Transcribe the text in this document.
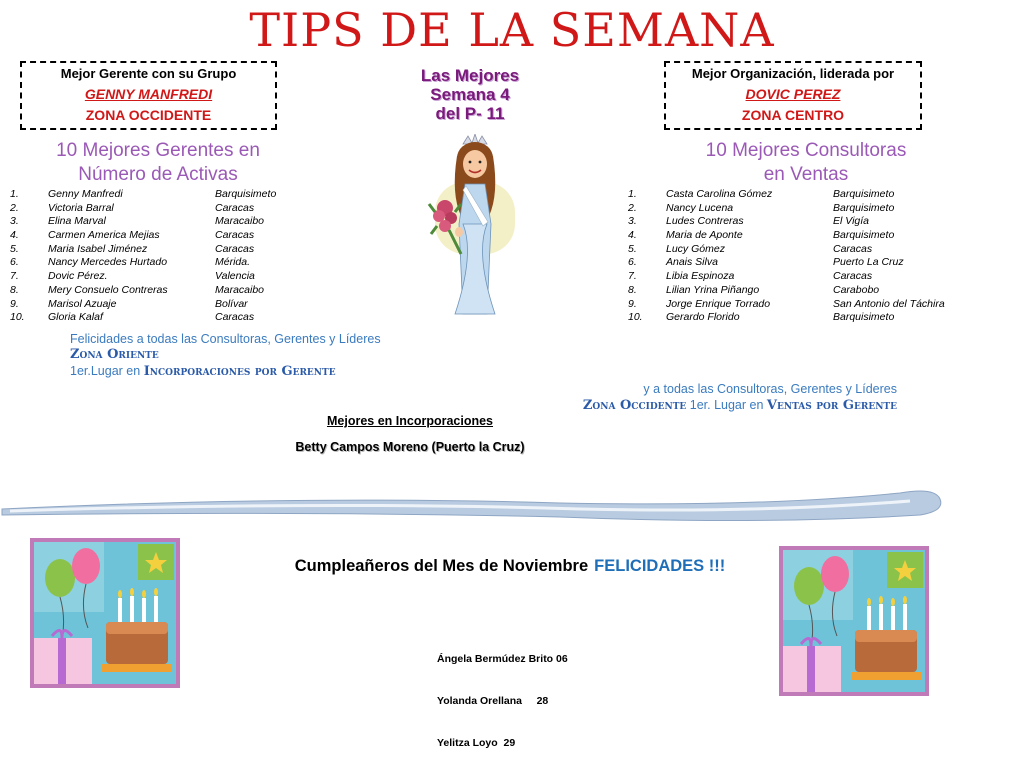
TIPS DE LA SEMANA
Mejor Gerente con su Grupo
GENNY MANFREDI
ZONA OCCIDENTE
Mejor Organización, liderada por
DOVIC PEREZ
ZONA CENTRO
Las Mejores
Semana 4
del P- 11
10 Mejores Gerentes en
Número de Activas
10 Mejores Consultoras
en Ventas
1.	Genny Manfredi	Barquisimeto
2.	Victoria Barral	Caracas
3.	Elina Marval	Maracaibo
4.	Carmen America Mejias	Caracas
5.	Maria Isabel Jiménez	Caracas
6.	Nancy Mercedes Hurtado	Mérida.
7.	Dovic Pérez.	Valencia
8.	Mery Consuelo Contreras	Maracaibo
9.	Marisol Azuaje	Bolívar
10. Gloria Kalaf	Caracas
1.	Casta Carolina Gómez	Barquisimeto
2.	Nancy Lucena	Barquisimeto
3.	Ludes Contreras	El Vigía
4.	Maria de Aponte	Barquisimeto
5.	Lucy Gómez	Caracas
6.	Anais Silva	Puerto La Cruz
7.	Libia Espinoza	Caracas
8.	Lilian Yrina Piñango	Carabobo
9.	Jorge Enrique Torrado	San Antonio del Táchira
10. Gerardo Florido	Barquisimeto
Felicidades a todas las Consultoras, Gerentes y Líderes
Zona Oriente
1er.Lugar en Incorporaciones por Gerente
y a todas las Consultoras, Gerentes y Líderes
Zona Occidente 1er. Lugar en Ventas por Gerente
Mejores en Incorporaciones
Betty Campos Moreno (Puerto la Cruz)
Cumpleañeros del Mes de Noviembre FELICIDADES !!!

Ángela Bermúdez Brito 06

Yolanda Orellana     28

Yelitza Loyo  29
